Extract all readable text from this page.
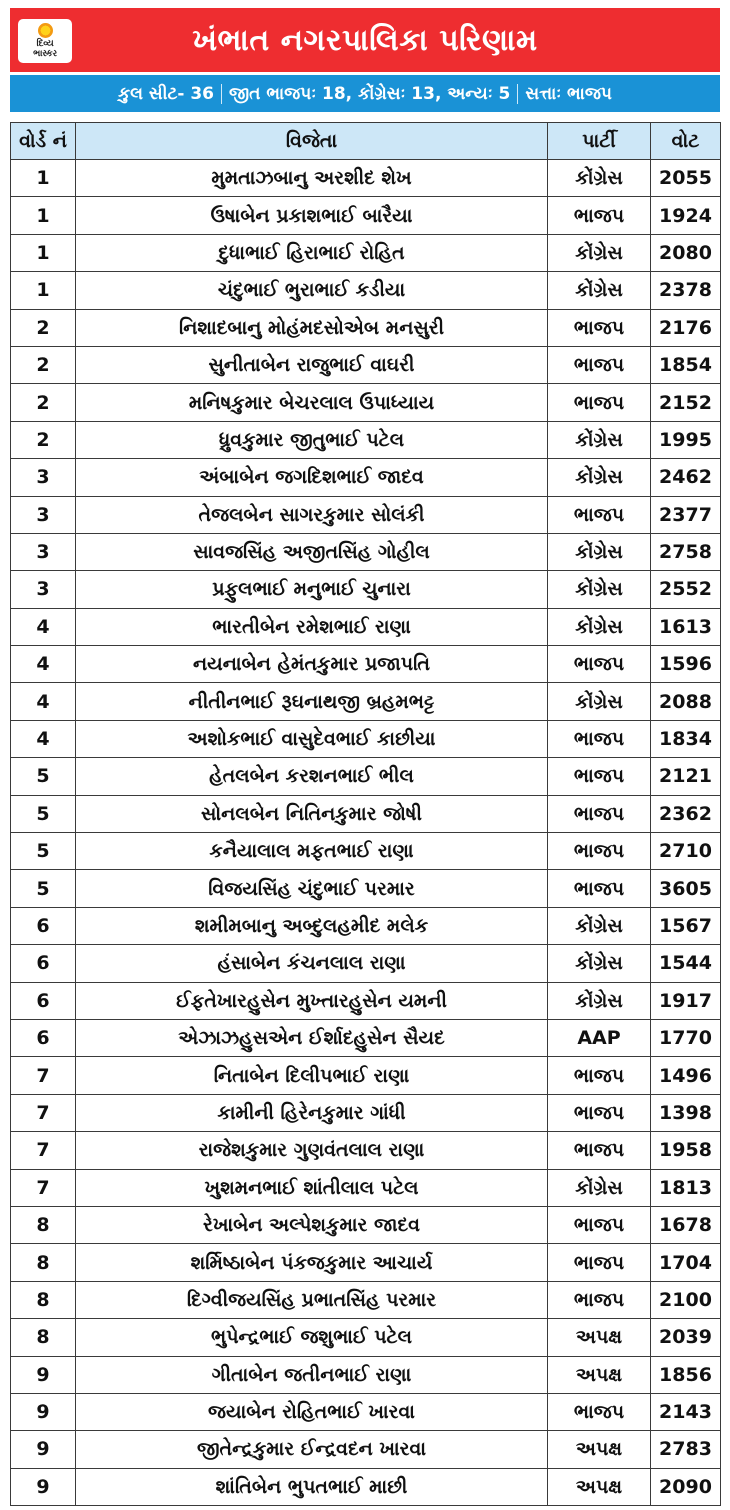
દિવ્ય
ભાસ્કર	ખંભાત નગરપાલિકા પરિણામ
કુલ સીટ- 36 જીત ભાજપઃ 18, કોંગ્રેસઃ 13, અન્યઃ 5 સત્તાઃ ભાજપ
વોર્ડ નં	વિજેતા	પાર્ટી	વોટ
1	મુમતાઝબાનુ અરશીદ શેખ	કોંગ્રેસ	2055
1	ઉષાબેન પ્રકાશભાઈ બારૈયા	ભાજપ	1924
1	દુધાભાઈ હિરાભાઈ રોહિત	કોંગ્રેસ	2080
1	ચંદુભાઈ ભુરાભાઈ કડીયા	કોંગ્રેસ	2378
2	નિશાદબાનુ મોહંમદસોએબ મનસુરી	ભાજપ	2176
2	સુનીતાબેન રાજુભાઈ વાઘરી	ભાજપ	1854
2	મનિષકુમાર બેચરલાલ ઉપાધ્યાય	ભાજપ	2152
2	ધ્રુવકુમાર જીતુભાઈ પટેલ	કોંગ્રેસ	1995
3	અંબાબેન જગદિશભાઈ જાદવ	કોંગ્રેસ	2462
3	તેજલબેન સાગરકુમાર સોલંકી	ભાજપ	2377
3	સાવજસિંહ અજીતસિંહ ગોહીલ	કોંગ્રેસ	2758
3	પ્રફુલભાઈ મનુભાઈ ચુનારા	કોંગ્રેસ	2552
4	ભારતીબેન રમેશભાઈ રાણા	કોંગ્રેસ	1613
4	નયનાબેન હેમંતકુમાર પ્રજાપતિ	ભાજપ	1596
4	નીતીનભાઈ રૂઘનાથજી બ્રહમભટ્ટ	કોંગ્રેસ	2088
4	અશોકભાઈ વાસુદેવભાઈ કાછીયા	ભાજપ	1834
5	હેતલબેન કરશનભાઈ ભીલ	ભાજપ	2121
5	સોનલબેન નિતિનકુમાર જોષી	ભાજપ	2362
5	કનૈયાલાલ મફતભાઈ રાણા	ભાજપ	2710
5	વિજયસિંહ ચંદુભાઈ પરમાર	ભાજપ	3605
6	શમીમબાનુ અબ્દુલહમીદ મલેક	કોંગ્રેસ	1567
6	હંસાબેન કંચનલાલ રાણા	કોંગ્રેસ	1544
6	ઈફતેખારહુસેન મુખ્તારહુસેન યમની	કોંગ્રેસ	1917
6	એઝાઝહુસએન ઈર્શાદહુસેન સૈયદ	AAP	1770
7	નિતાબેન દિલીપભાઈ રાણા	ભાજપ	1496
7	કામીની હિરેનકુમાર ગાંધી	ભાજપ	1398
7	રાજેશકુમાર ગુણવંતલાલ રાણા	ભાજપ	1958
7	ખુશમનભાઈ શાંતીલાલ પટેલ	કોંગ્રેસ	1813
8	રેખાબેન અલ્પેશકુમાર જાદવ	ભાજપ	1678
8	શર્મિષ્ઠાબેન પંકજકુમાર આચાર્ય	ભાજપ	1704
8	દિગ્વીજયસિંહ પ્રભાતસિંહ પરમાર	ભાજપ	2100
8	ભુપેન્દ્રભાઈ જશુભાઈ પટેલ	અપક્ષ	2039
9	ગીતાબેન જતીનભાઈ રાણા	અપક્ષ	1856
9	જયાબેન રોહિતભાઈ ખારવા	ભાજપ	2143
9	જીતેન્દ્રકુમાર ઈન્દ્રવદન ખારવા	અપક્ષ	2783
9	શાંતિબેન ભુપતભાઈ માછી	અપક્ષ	2090
